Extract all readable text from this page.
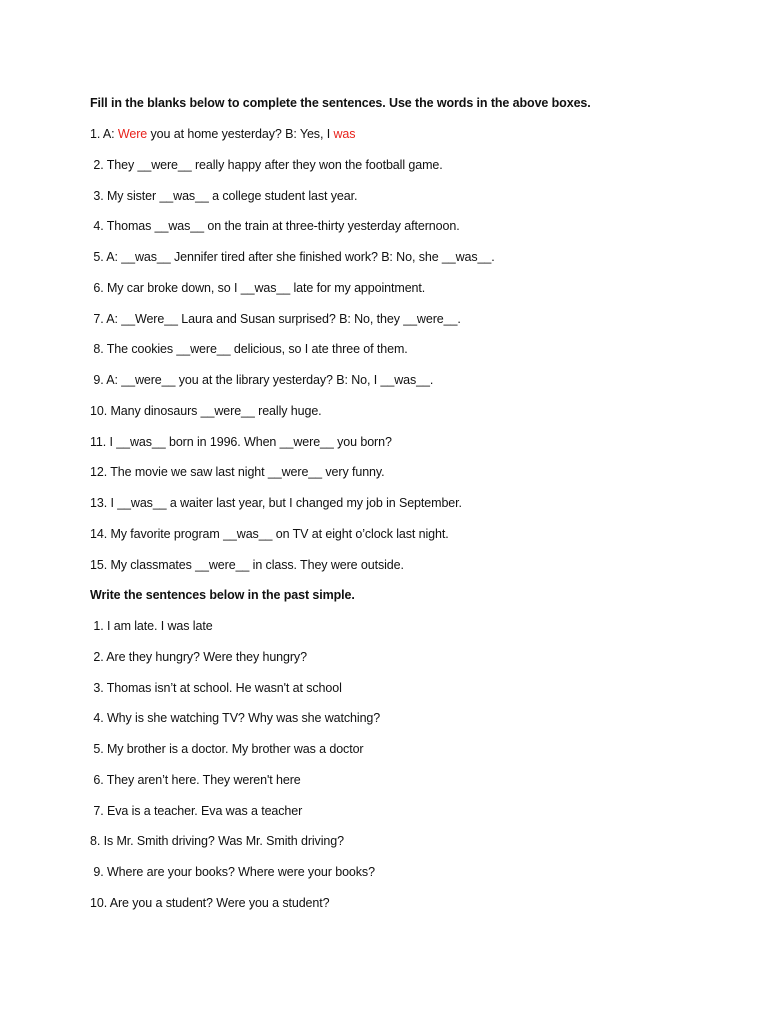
Fill in the blanks below to complete the sentences. Use the words in the above boxes.
1. A: Were you at home yesterday? B: Yes, I was
2. They __were__ really happy after they won the football game.
3. My sister __was__ a college student last year.
4. Thomas __was__ on the train at three-thirty yesterday afternoon.
5. A: __was__ Jennifer tired after she finished work? B: No, she __was__.
6. My car broke down, so I __was__ late for my appointment.
7. A: __Were__ Laura and Susan surprised? B: No, they __were__.
8. The cookies __were__ delicious, so I ate three of them.
9. A: __were__ you at the library yesterday? B: No, I __was__.
10. Many dinosaurs __were__ really huge.
11. I __was__ born in 1996. When __were__ you born?
12. The movie we saw last night __were__ very funny.
13. I __was__ a waiter last year, but I changed my job in September.
14. My favorite program __was__ on TV at eight o’clock last night.
15. My classmates __were__ in class. They were outside.
Write the sentences below in the past simple.
1. I am late. I was late
2. Are they hungry? Were they hungry?
3. Thomas isn’t at school. He wasn't at school
4. Why is she watching TV? Why was she watching?
5. My brother is a doctor. My brother was a doctor
6. They aren’t here. They weren't here
7. Eva is a teacher. Eva was a teacher
8. Is Mr. Smith driving? Was Mr. Smith driving?
9. Where are your books? Where were your books?
10. Are you a student? Were you a student?
